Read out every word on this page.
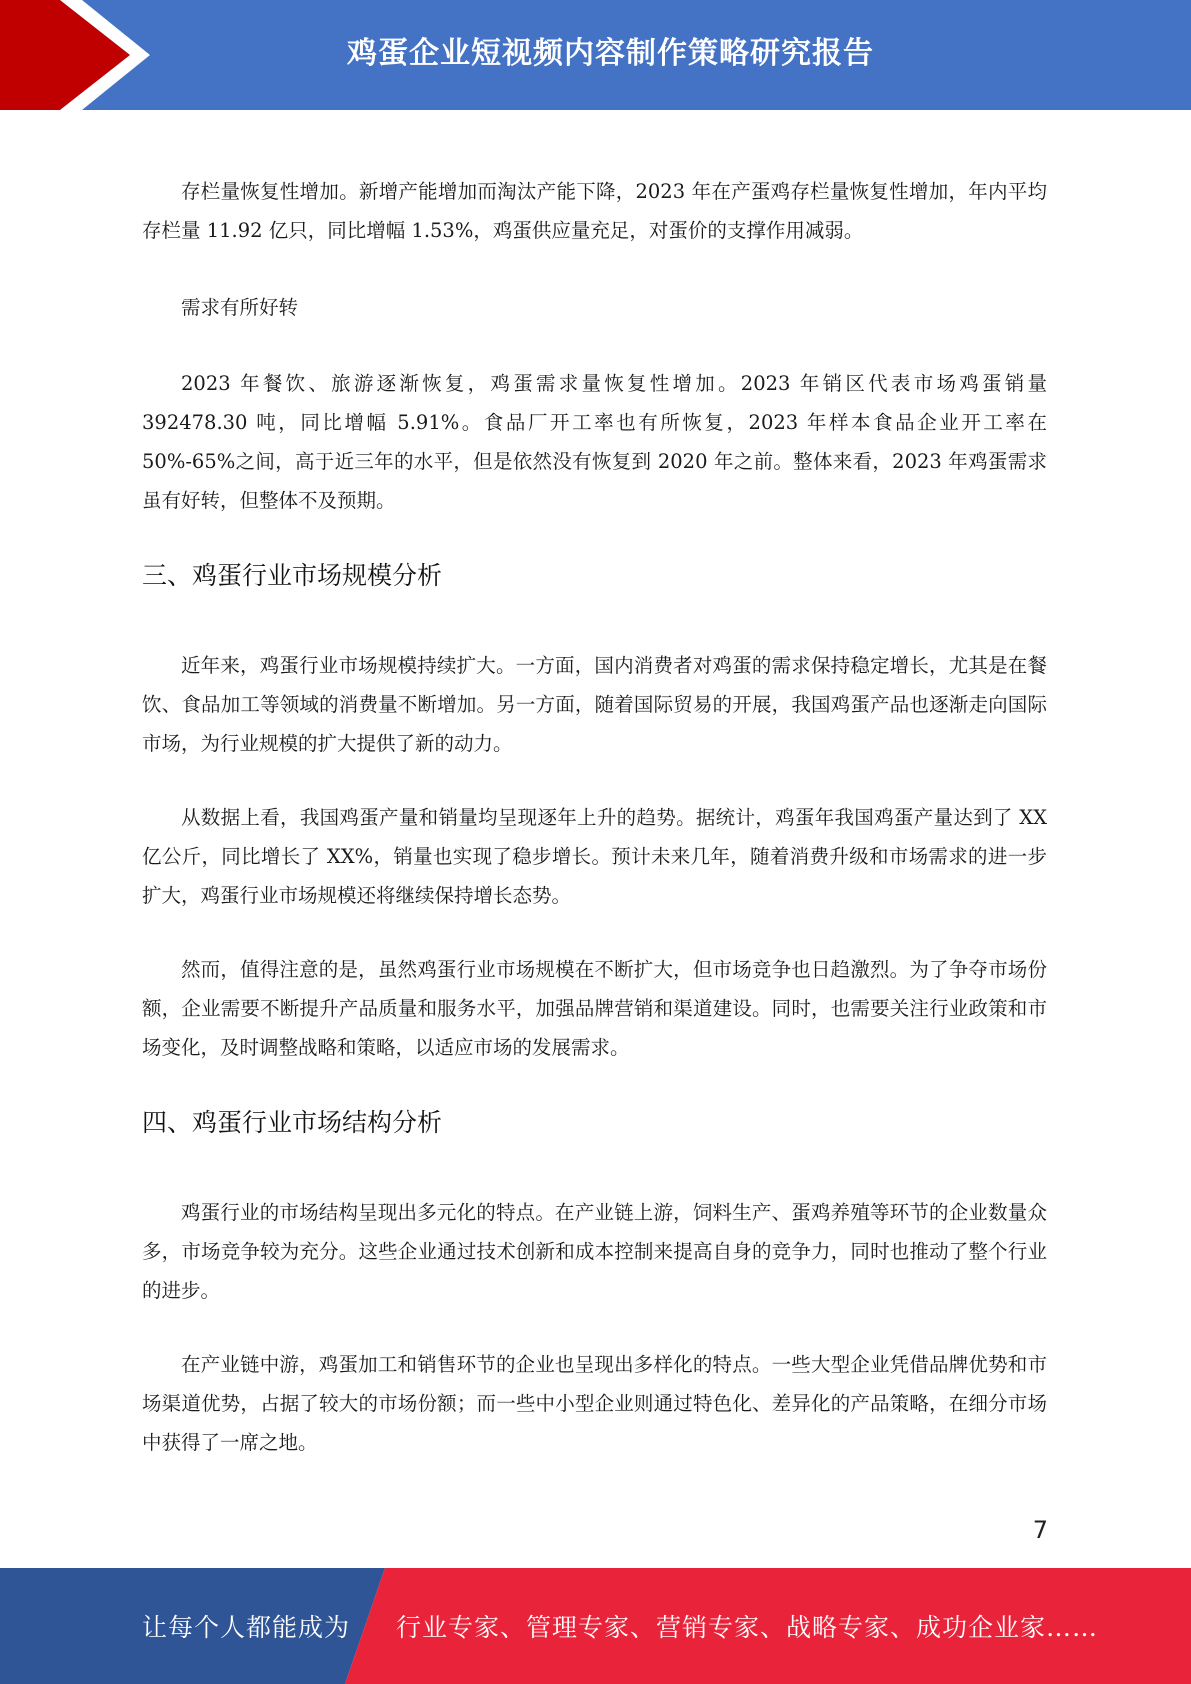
鸡蛋企业短视频内容制作策略研究报告

存栏量恢复性增加。新增产能增加而淘汰产能下降，2023 年在产蛋鸡存栏量恢复性增加，年内平均存栏量 11.92 亿只，同比增幅 1.53%，鸡蛋供应量充足，对蛋价的支撑作用减弱。

需求有所好转

2023 年餐饮、旅游逐渐恢复，鸡蛋需求量恢复性增加。2023 年销区代表市场鸡蛋销量 392478.30 吨，同比增幅 5.91%。食品厂开工率也有所恢复，2023 年样本食品企业开工率在 50%-65%之间，高于近三年的水平，但是依然没有恢复到 2020 年之前。整体来看，2023 年鸡蛋需求虽有好转，但整体不及预期。

三、鸡蛋行业市场规模分析

近年来，鸡蛋行业市场规模持续扩大。一方面，国内消费者对鸡蛋的需求保持稳定增长，尤其是在餐饮、食品加工等领域的消费量不断增加。另一方面，随着国际贸易的开展，我国鸡蛋产品也逐渐走向国际市场，为行业规模的扩大提供了新的动力。

从数据上看，我国鸡蛋产量和销量均呈现逐年上升的趋势。据统计，鸡蛋年我国鸡蛋产量达到了 XX 亿公斤，同比增长了 XX%，销量也实现了稳步增长。预计未来几年，随着消费升级和市场需求的进一步扩大，鸡蛋行业市场规模还将继续保持增长态势。

然而，值得注意的是，虽然鸡蛋行业市场规模在不断扩大，但市场竞争也日趋激烈。为了争夺市场份额，企业需要不断提升产品质量和服务水平，加强品牌营销和渠道建设。同时，也需要关注行业政策和市场变化，及时调整战略和策略，以适应市场的发展需求。

四、鸡蛋行业市场结构分析

鸡蛋行业的市场结构呈现出多元化的特点。在产业链上游，饲料生产、蛋鸡养殖等环节的企业数量众多，市场竞争较为充分。这些企业通过技术创新和成本控制来提高自身的竞争力，同时也推动了整个行业的进步。

在产业链中游，鸡蛋加工和销售环节的企业也呈现出多样化的特点。一些大型企业凭借品牌优势和市场渠道优势，占据了较大的市场份额；而一些中小型企业则通过特色化、差异化的产品策略，在细分市场中获得了一席之地。

7
让每个人都能成为 行业专家、管理专家、营销专家、战略专家、成功企业家……
